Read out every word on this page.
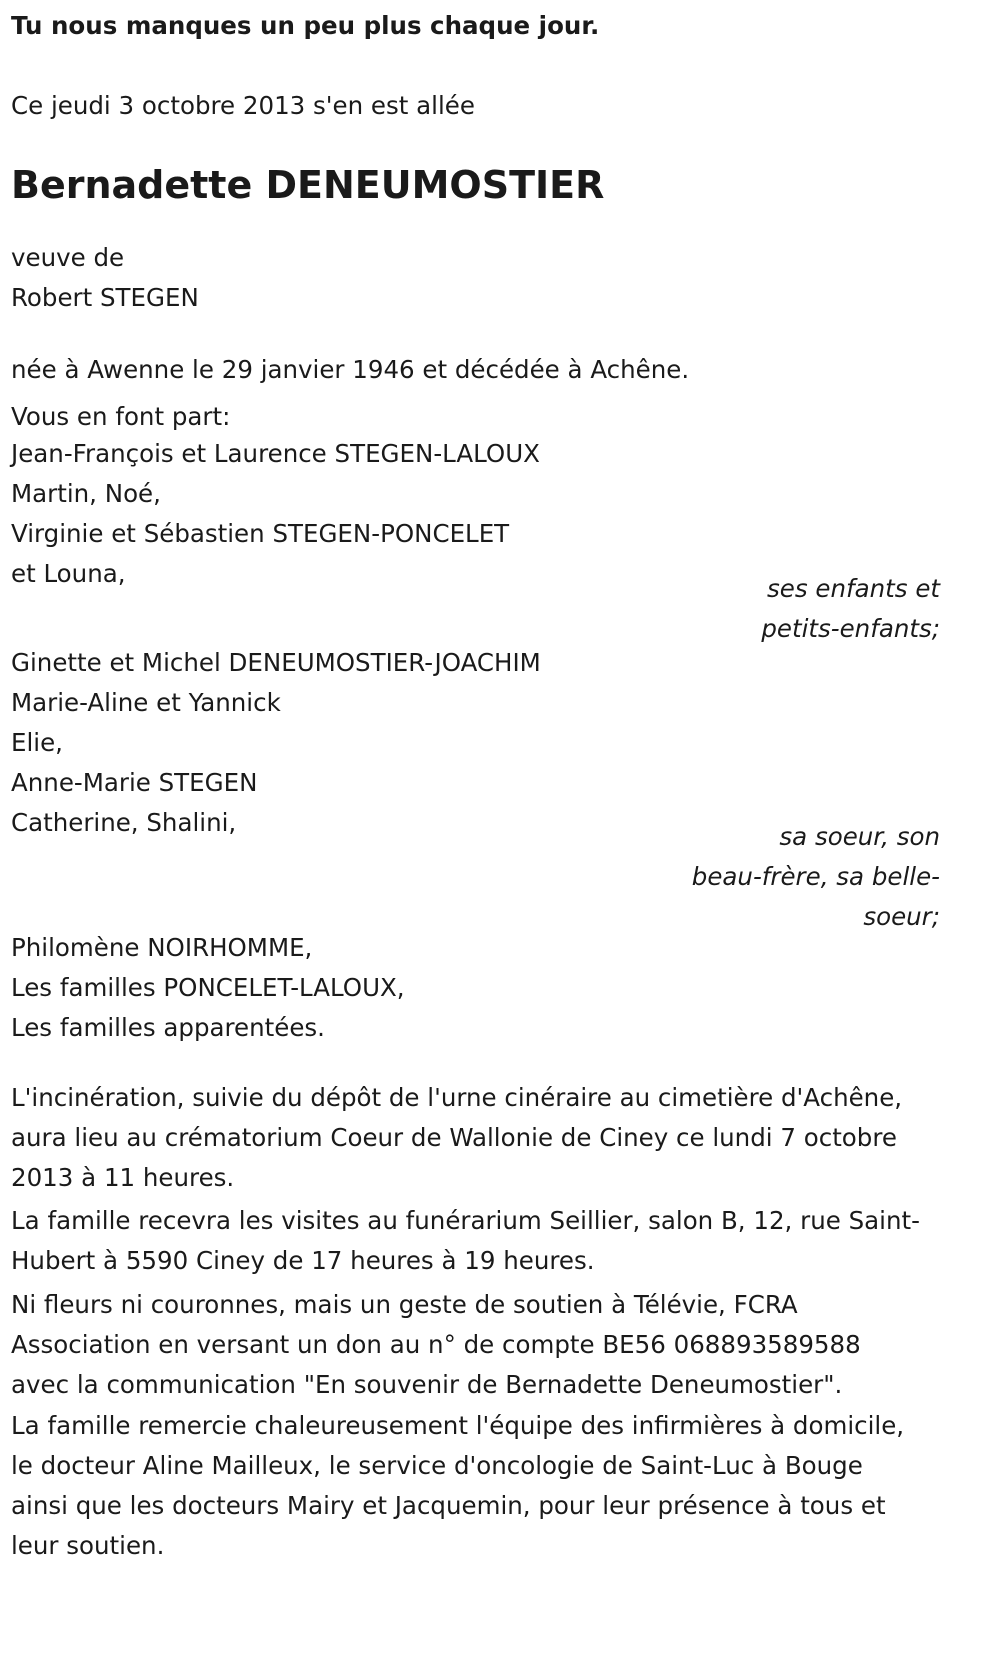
Tu nous manques un peu plus chaque jour.

Ce jeudi 3 octobre 2013 s'en est allée

Bernadette DENEUMOSTIER
veuve de
Robert STEGEN

née à Awenne le 29 janvier 1946 et décédée à Achêne.

Vous en font part:

Jean-François et Laurence STEGEN-LALOUX
Martin, Noé,
Virginie et Sébastien STEGEN-PONCELET
et Louna,
ses enfants et
petits-enfants;
Ginette et Michel DENEUMOSTIER-JOACHIM
Marie-Aline et Yannick
Elie,
Anne-Marie STEGEN
Catherine, Shalini,	sa soeur, son
beau-frère, sa belle-
soeur;
Philomène NOIRHOMME,
Les familles PONCELET-LALOUX,
Les familles apparentées.
L'incinération, suivie du dépôt de l'urne cinéraire au cimetière d'Achêne,
aura lieu au crématorium Coeur de Wallonie de Ciney ce lundi 7 octobre
2013 à 11 heures.
La famille recevra les visites au funérarium Seillier, salon B, 12, rue Saint-
Hubert à 5590 Ciney de 17 heures à 19 heures.
Ni fleurs ni couronnes, mais un geste de soutien à Télévie, FCRA
Association en versant un don au n° de compte BE56 068893589588
avec la communication "En souvenir de Bernadette Deneumostier".
La famille remercie chaleureusement l'équipe des infirmières à domicile,
le docteur Aline Mailleux, le service d'oncologie de Saint-Luc à Bouge
ainsi que les docteurs Mairy et Jacquemin, pour leur présence à tous et
leur soutien.
